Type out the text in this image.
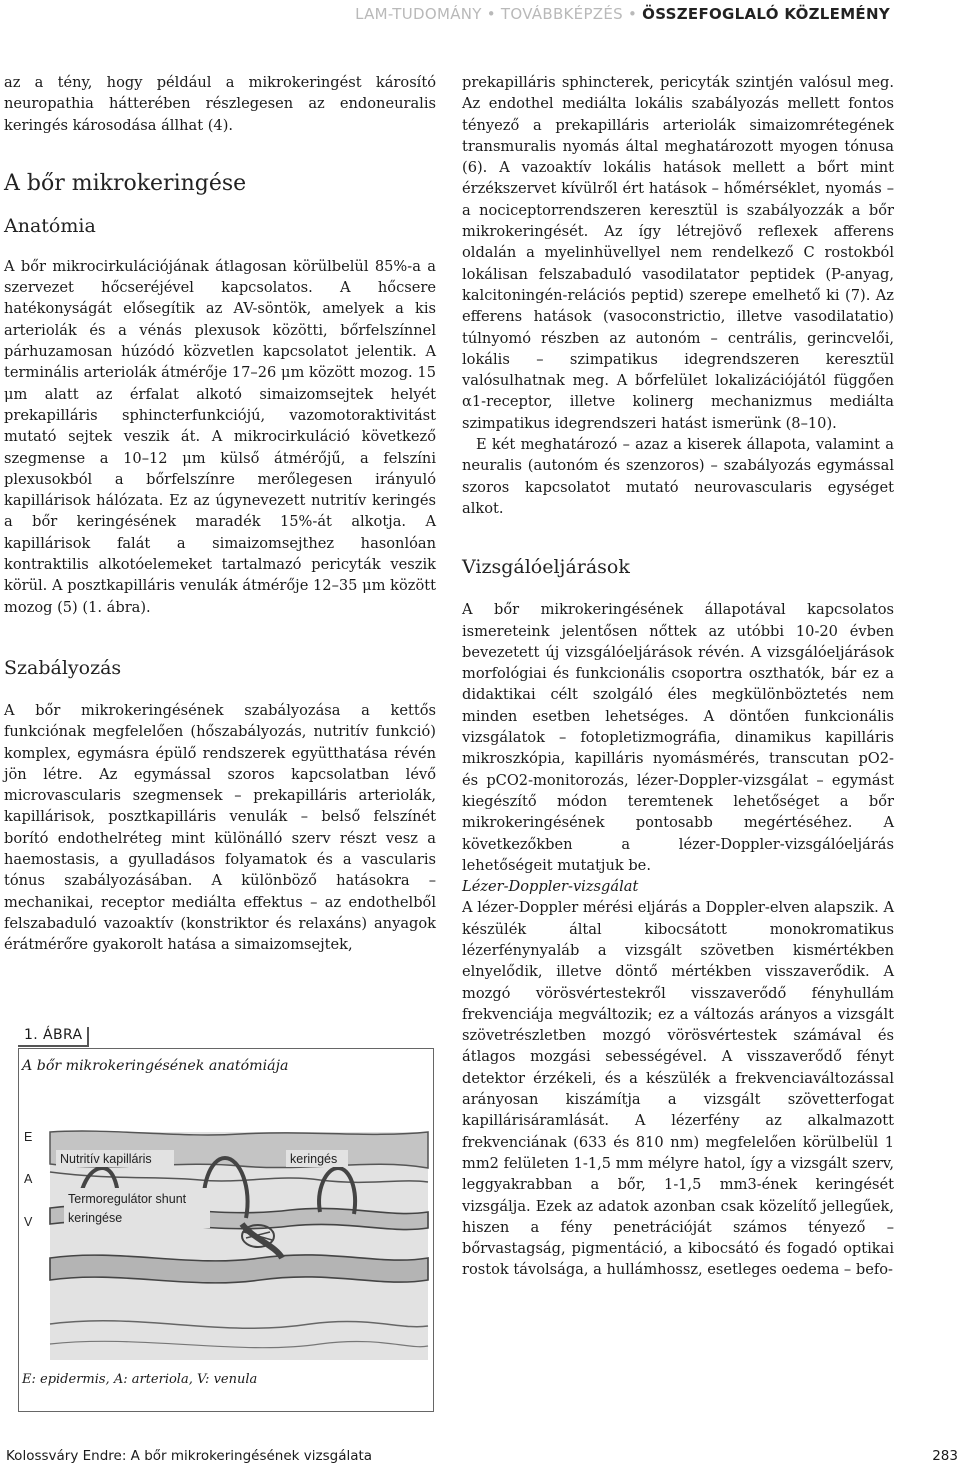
LAM-TUDOMÁNY • TOVÁBBKÉPZÉS • ÖSSZEFOGLALÓ KÖZLEMÉNY

az a tény, hogy például a mikrokeringést károsító neuropathia hátterében részlegesen az endoneuralis keringés károsodása állhat (4).

A bőr mikrokeringése
Anatómia

A bőr mikrocirkulációjának átlagosan körülbelül 85%-a a szervezet hőcseréjével kapcsolatos. A hőcsere hatékonyságát elősegítik az AV-söntök, amelyek a kis arteriolák és a vénás plexusok közötti, bőrfelszínnel párhuzamosan húzódó közvetlen kapcsolatot jelentik. A terminális arteriolák átmérője 17–26 μm között mozog. 15 μm alatt az érfalat alkotó simaizomsejtek helyét prekapilláris sphincterfunkciójú, vazomotoraktivitást mutató sejtek veszik át. A mikrocirkuláció következő szegmense a 10–12 μm külső átmérőjű, a felszíni plexusokból a bőrfelszínre merőlegesen irányuló kapillárisok hálózata. Ez az úgynevezett nutritív keringés a bőr keringésének maradék 15%-át alkotja. A kapillárisok falát a simaizomsejthez hasonlóan kontraktilis alkotóelemeket tartalmazó pericyták veszik körül. A posztkapilláris venulák átmérője 12–35 μm között mozog (5) (1. ábra).

Szabályozás

A bőr mikrokeringésének szabályozása a kettős funkciónak megfelelően (hőszabályozás, nutritív funkció) komplex, egymásra épülő rendszerek együtthatása révén jön létre. Az egymással szoros kapcsolatban lévő microvascularis szegmensek – prekapilláris arteriolák, kapillárisok, posztkapilláris venulák – belső felszínét borító endothelréteg mint különálló szerv részt vesz a haemostasis, a gyulladásos folyamatok és a vascularis tónus szabályozásában. A különböző hatásokra – mechanikai, receptor mediálta effektus – az endothelből felszabaduló vazoaktív (konstriktor és relaxáns) anyagok érátmérőre gyakorolt hatása a simaizomsejtek,

1. ÁBRA
A bőr mikrokeringésének anatómiája
E
A
V
Nutritív kapilláris	keringés
Termoregulátor shunt
keringése
E: epidermis, A: arteriola, V: venula

prekapilláris sphincterek, pericyták szintjén valósul meg. Az endothel mediálta lokális szabályozás mellett fontos tényező a prekapilláris arteriolák simaizomrétegének transmuralis nyomás által meghatározott myogen tónusa (6). A vazoaktív lokális hatások mellett a bőrt mint érzékszervet kívülről ért hatások – hőmérséklet, nyomás – a nociceptorrendszeren keresztül is szabályozzák a bőr mikrokeringését. Az így létrejövő reflexek afferens oldalán a myelinhüvellyel nem rendelkező C rostokból lokálisan felszabaduló vasodilatator peptidek (P-anyag, kalcitoningén-relációs peptid) szerepe emelhető ki (7). Az efferens hatások (vasoconstrictio, illetve vasodilatatio) túlnyomó részben az autonóm – centrális, gerincvelői, lokális – szimpatikus idegrendszeren keresztül valósulhatnak meg. A bőrfelület lokalizációjától függően α1-receptor, illetve kolinerg mechanizmus mediálta szimpatikus idegrendszeri hatást ismerünk (8–10).

E két meghatározó – azaz a kiserek állapota, valamint a neuralis (autonóm és szenzoros) – szabályozás egymással szoros kapcsolatot mutató neurovascularis egységet alkot.

Vizsgálóeljárások

A bőr mikrokeringésének állapotával kapcsolatos ismereteink jelentősen nőttek az utóbbi 10-20 évben bevezetett új vizsgálóeljárások révén. A vizsgálóeljárások morfológiai és funkcionális csoportra oszthatók, bár ez a didaktikai célt szolgáló éles megkülönböztetés nem minden esetben lehetséges. A döntően funkcionális vizsgálatok – fotopletizmográfia, dinamikus kapilláris mikroszkópia, kapilláris nyomásmérés, transcutan pO2- és pCO2-monitorozás, lézer-Doppler-vizsgálat – egymást kiegészítő módon teremtenek lehetőséget a bőr mikrokeringésének pontosabb megértéséhez. A következőkben a lézer-Doppler-vizsgálóeljárás lehetőségeit mutatjuk be.

Lézer-Doppler-vizsgálat

A lézer-Doppler mérési eljárás a Doppler-elven alapszik. A készülék által kibocsátott monokromatikus lézerfénynyaláb a vizsgált szövetben kismértékben elnyelődik, illetve döntő mértékben visszaverődik. A mozgó vörösvértestekről visszaverődő fényhullám frekvenciája megváltozik; ez a változás arányos a vizsgált szövetrészletben mozgó vörösvértestek számával és átlagos mozgási sebességével. A visszaverődő fényt detektor érzékeli, és a készülék a frekvenciaváltozással arányosan kiszámítja a vizsgált szövetterfogat kapillárisáramlását. A lézerfény az alkalmazott frekvenciának (633 és 810 nm) megfelelően körülbelül 1 mm2 felületen 1-1,5 mm mélyre hatol, így a vizsgált szerv, leggyakrabban a bőr, 1-1,5 mm3-ének keringését vizsgálja. Ezek az adatok azonban csak közelítő jellegűek, hiszen a fény penetrációját számos tényező – bőrvastagság, pigmentáció, a kibocsátó és fogadó optikai rostok távolsága, a hullámhossz, esetleges oedema – befo-

Kolossváry Endre: A bőr mikrokeringésének vizsgálata	283
